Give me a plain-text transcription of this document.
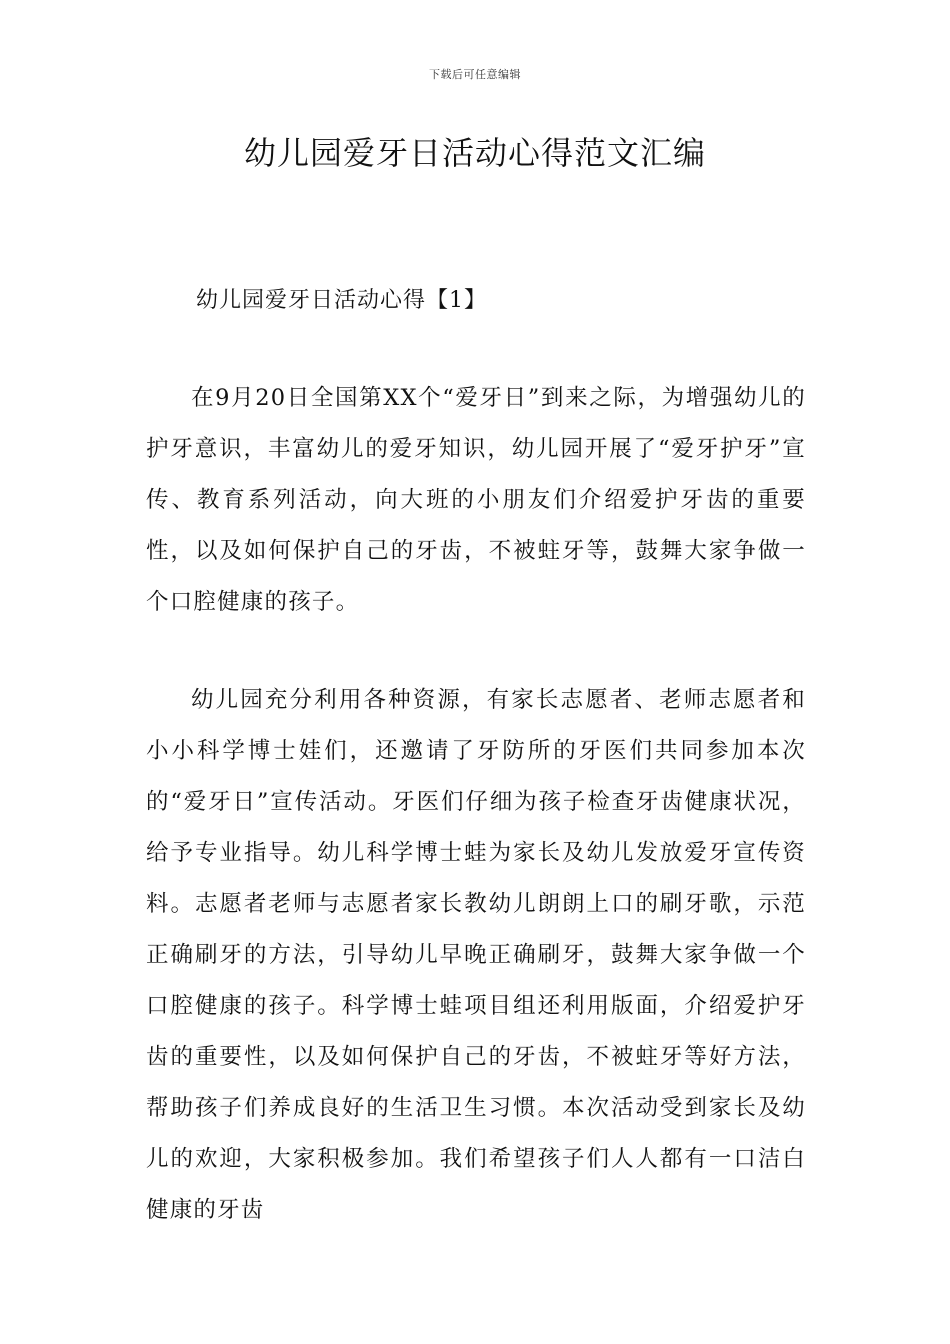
下载后可任意编辑
幼儿园爱牙日活动心得范文汇编
幼儿园爱牙日活动心得【1】

在9月20日全国第XX个“爱牙日”到来之际，为增强幼儿的护牙意识，丰富幼儿的爱牙知识，幼儿园开展了“爱牙护牙”宣传、教育系列活动，向大班的小朋友们介绍爱护牙齿的重要性，以及如何保护自己的牙齿，不被蛀牙等，鼓舞大家争做一个口腔健康的孩子。

幼儿园充分利用各种资源，有家长志愿者、老师志愿者和小小科学博士娃们，还邀请了牙防所的牙医们共同参加本次的“爱牙日”宣传活动。牙医们仔细为孩子检查牙齿健康状况，给予专业指导。幼儿科学博士蛙为家长及幼儿发放爱牙宣传资料。志愿者老师与志愿者家长教幼儿朗朗上口的刷牙歌，示范正确刷牙的方法，引导幼儿早晚正确刷牙，鼓舞大家争做一个口腔健康的孩子。科学博士蛙项目组还利用版面，介绍爱护牙齿的重要性，以及如何保护自己的牙齿，不被蛀牙等好方法，帮助孩子们养成良好的生活卫生习惯。本次活动受到家长及幼儿的欢迎，大家积极参加。我们希望孩子们人人都有一口洁白健康的牙齿
